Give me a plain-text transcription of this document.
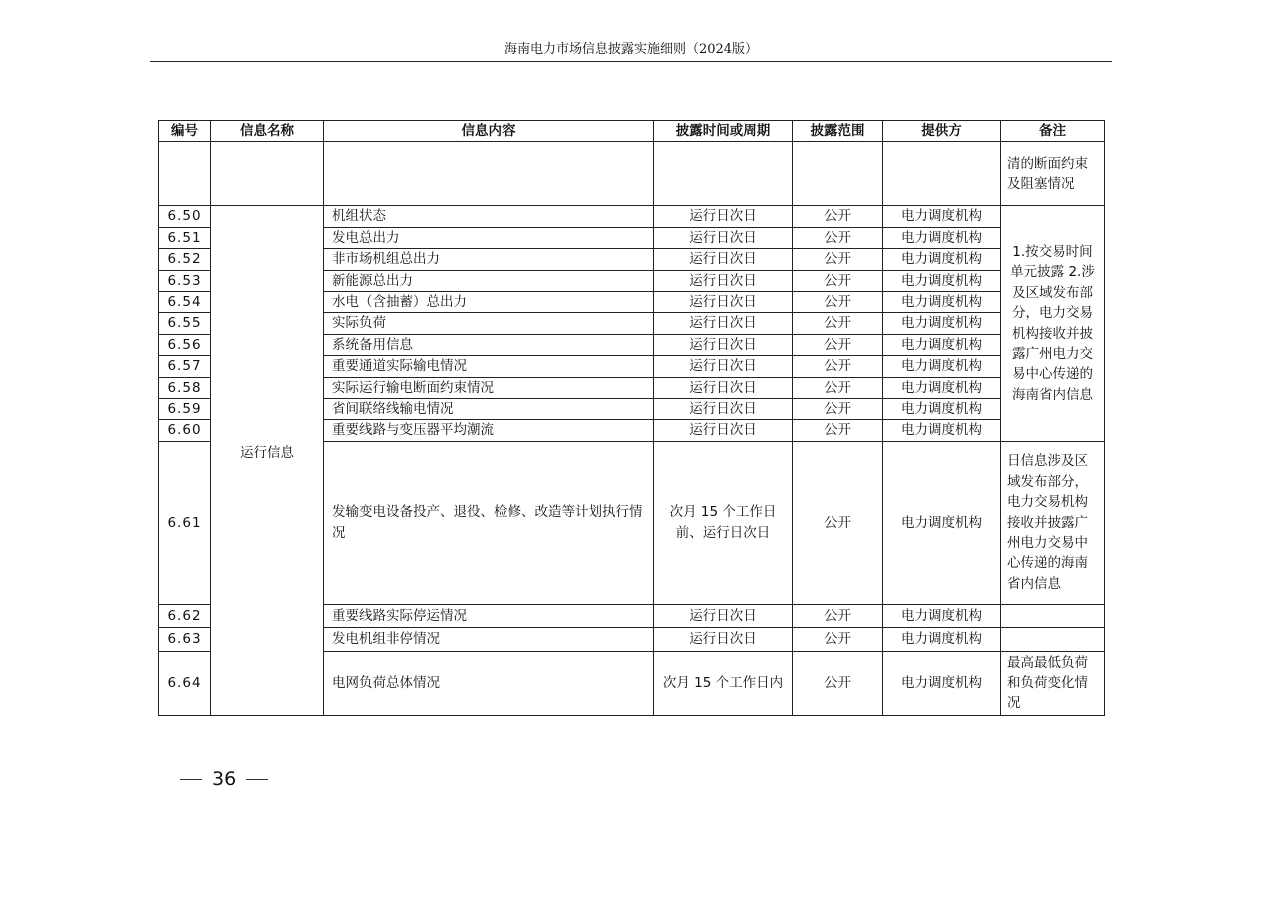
海南电力市场信息披露实施细则（2024版）
编号	信息名称	信息内容	披露时间或周期	披露范围	提供方	备注
						清的断面约束及阻塞情况
6.50	运行信息	机组状态	运行日次日	公开	电力调度机构	1.按交易时间单元披露 2.涉及区域发布部分，电力交易机构接收并披露广州电力交易中心传递的海南省内信息
6.51		发电总出力	运行日次日	公开	电力调度机构	
6.52		非市场机组总出力	运行日次日	公开	电力调度机构	
6.53		新能源总出力	运行日次日	公开	电力调度机构	
6.54		水电（含抽蓄）总出力	运行日次日	公开	电力调度机构	
6.55		实际负荷	运行日次日	公开	电力调度机构	
6.56		系统备用信息	运行日次日	公开	电力调度机构	
6.57		重要通道实际输电情况	运行日次日	公开	电力调度机构	
6.58		实际运行输电断面约束情况	运行日次日	公开	电力调度机构	
6.59		省间联络线输电情况	运行日次日	公开	电力调度机构	
6.60		重要线路与变压器平均潮流	运行日次日	公开	电力调度机构	
6.61		发输变电设备投产、退役、检修、改造等计划执行情况	次月 15 个工作日前、运行日次日	公开	电力调度机构	日信息涉及区域发布部分，电力交易机构接收并披露广州电力交易中心传递的海南省内信息
6.62		重要线路实际停运情况	运行日次日	公开	电力调度机构	
6.63		发电机组非停情况	运行日次日	公开	电力调度机构	
6.64		电网负荷总体情况	次月 15 个工作日内	公开	电力调度机构	最高最低负荷和负荷变化情况
36
